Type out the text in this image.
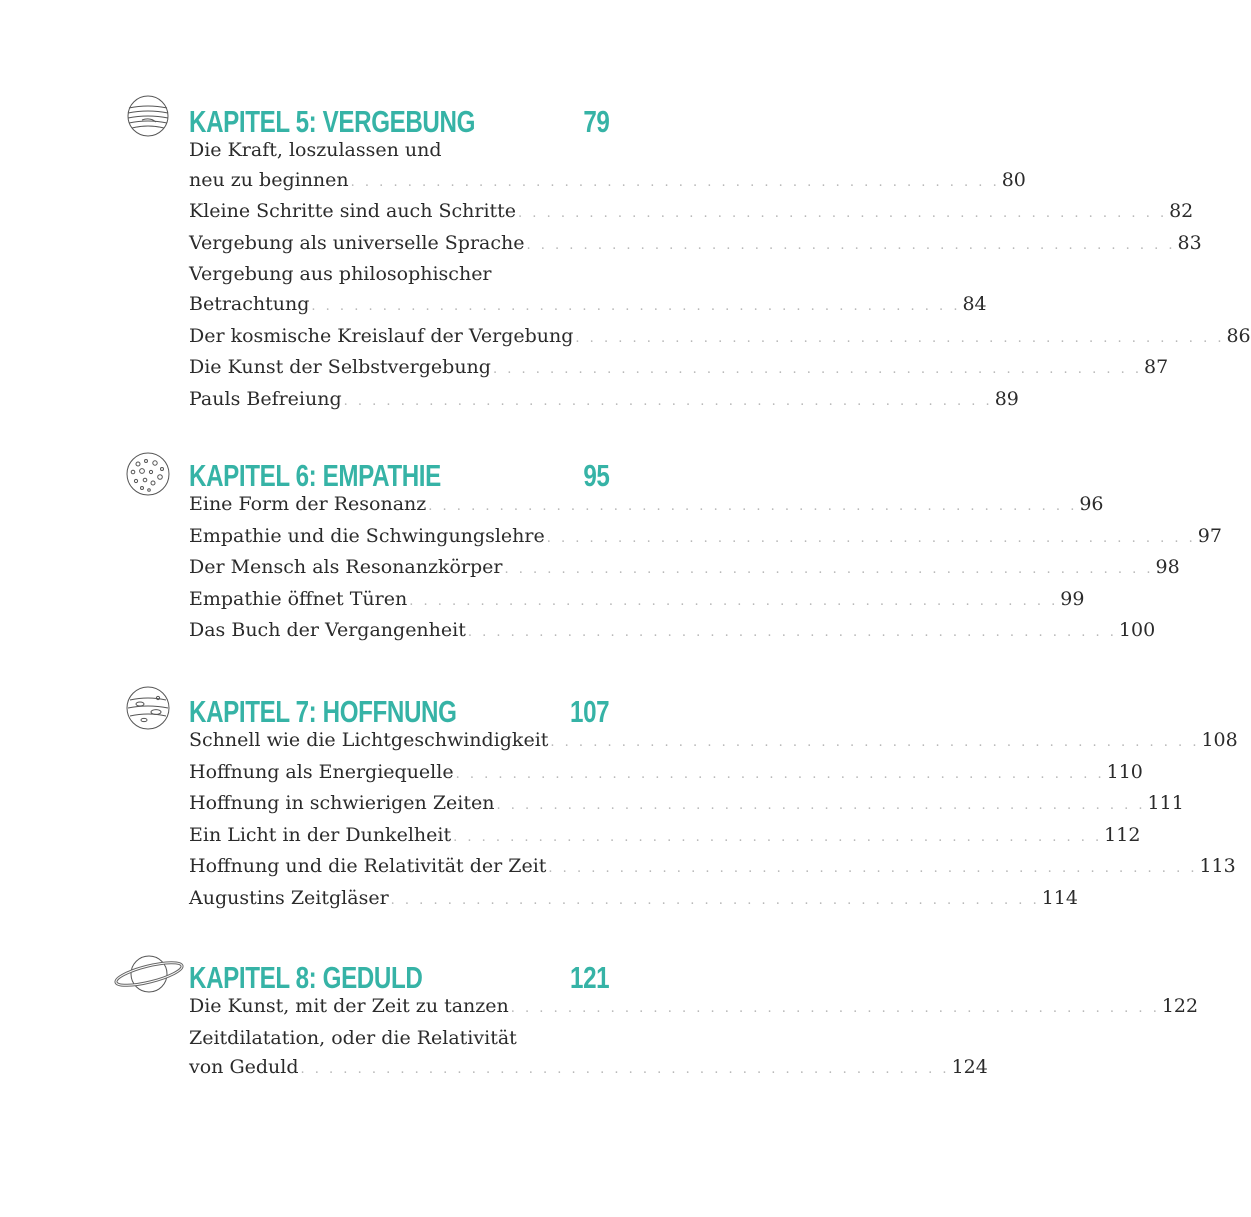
KAPITEL 5: VERGEBUNG	79
Die Kraft, loszulassen und
neu zu beginnen . . . . . . . . . . . . . . . . . . . . . . . . . . . . . . . . . . . . . . . . . . . . . . 80
Kleine Schritte sind auch Schritte . . . . . . . . . . . . . . . . . . . . . . . . . . . . . . . . . . . . . . . . . . . . . . 82
Vergebung als universelle Sprache . . . . . . . . . . . . . . . . . . . . . . . . . . . . . . . . . . . . . . . . . . . . . . 83
Vergebung aus philosophischer
Betrachtung . . . . . . . . . . . . . . . . . . . . . . . . . . . . . . . . . . . . . . . . . . . . . . 84
Der kosmische Kreislauf der Vergebung . . . . . . . . . . . . . . . . . . . . . . . . . . . . . . . . . . . . . . . . . . . . . . 86
Die Kunst der Selbstvergebung . . . . . . . . . . . . . . . . . . . . . . . . . . . . . . . . . . . . . . . . . . . . . . 87
Pauls Befreiung . . . . . . . . . . . . . . . . . . . . . . . . . . . . . . . . . . . . . . . . . . . . . . 89
KAPITEL 6: EMPATHIE	95
Eine Form der Resonanz . . . . . . . . . . . . . . . . . . . . . . . . . . . . . . . . . . . . . . . . . . . . . . 96
Empathie und die Schwingungslehre . . . . . . . . . . . . . . . . . . . . . . . . . . . . . . . . . . . . . . . . . . . . . . 97
Der Mensch als Resonanzkörper . . . . . . . . . . . . . . . . . . . . . . . . . . . . . . . . . . . . . . . . . . . . . . 98
Empathie öffnet Türen . . . . . . . . . . . . . . . . . . . . . . . . . . . . . . . . . . . . . . . . . . . . . . 99
Das Buch der Vergangenheit . . . . . . . . . . . . . . . . . . . . . . . . . . . . . . . . . . . . . . . . . . . . . . 100
KAPITEL 7: HOFFNUNG	107
Schnell wie die Lichtgeschwindigkeit . . . . . . . . . . . . . . . . . . . . . . . . . . . . . . . . . . . . . . . . . . . . . . 108
Hoffnung als Energiequelle . . . . . . . . . . . . . . . . . . . . . . . . . . . . . . . . . . . . . . . . . . . . . . 110
Hoffnung in schwierigen Zeiten . . . . . . . . . . . . . . . . . . . . . . . . . . . . . . . . . . . . . . . . . . . . . . 111
Ein Licht in der Dunkelheit . . . . . . . . . . . . . . . . . . . . . . . . . . . . . . . . . . . . . . . . . . . . . . 112
Hoffnung und die Relativität der Zeit . . . . . . . . . . . . . . . . . . . . . . . . . . . . . . . . . . . . . . . . . . . . . . 113
Augustins Zeitgläser . . . . . . . . . . . . . . . . . . . . . . . . . . . . . . . . . . . . . . . . . . . . . . 114
KAPITEL 8: GEDULD	121
Die Kunst, mit der Zeit zu tanzen . . . . . . . . . . . . . . . . . . . . . . . . . . . . . . . . . . . . . . . . . . . . . . 122
Zeitdilatation, oder die Relativität
von Geduld . . . . . . . . . . . . . . . . . . . . . . . . . . . . . . . . . . . . . . . . . . . . . . 124
